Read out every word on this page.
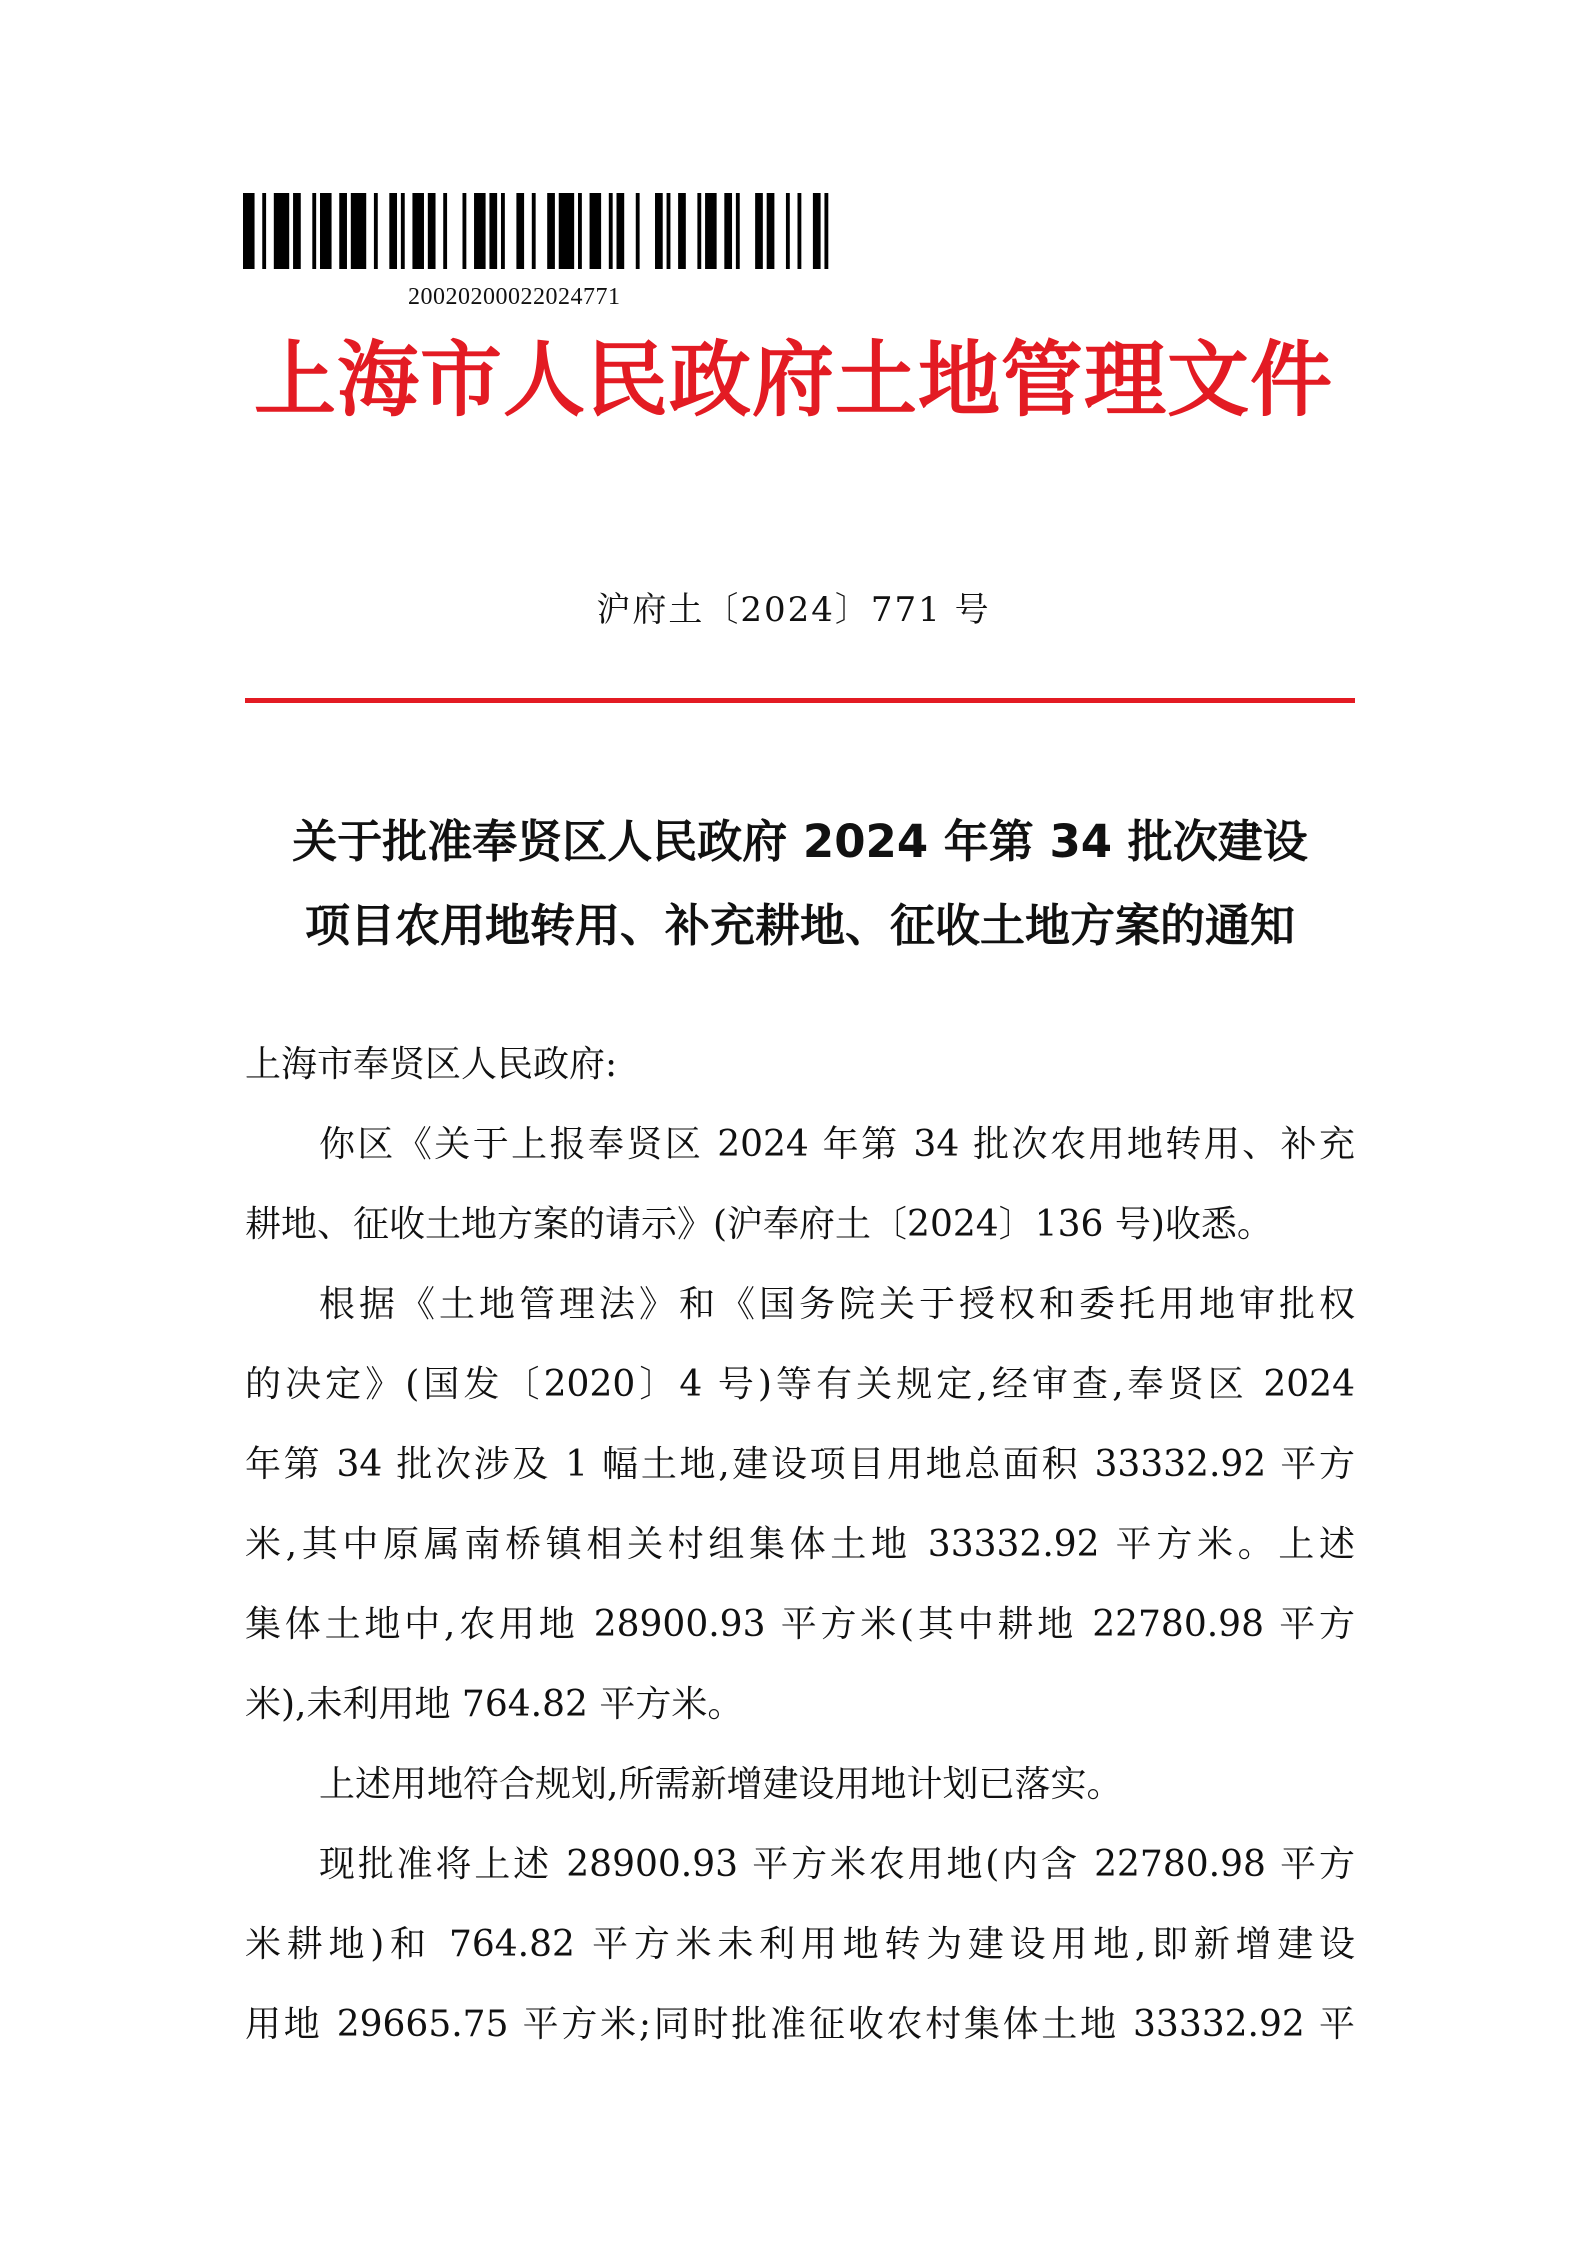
20020200022024771
上海市人民政府土地管理文件
沪府土〔2024〕771 号
关于批准奉贤区人民政府 2024 年第 34 批次建设
项目农用地转用、补充耕地、征收土地方案的通知

上海市奉贤区人民政府:

你区《关于上报奉贤区 2024 年第 34 批次农用地转用、补充
耕地、征收土地方案的请示》(沪奉府土〔2024〕136 号)收悉。

根据《土地管理法》和《国务院关于授权和委托用地审批权
的决定》(国发〔2020〕4 号)等有关规定,经审查,奉贤区 2024
年第 34 批次涉及 1 幅土地,建设项目用地总面积 33332.92 平方
米,其中原属南桥镇相关村组集体土地 33332.92 平方米。上述
集体土地中,农用地 28900.93 平方米(其中耕地 22780.98 平方
米),未利用地 764.82 平方米。

上述用地符合规划,所需新增建设用地计划已落实。

现批准将上述 28900.93 平方米农用地(内含 22780.98 平方
米耕地)和 764.82 平方米未利用地转为建设用地,即新增建设
用地 29665.75 平方米;同时批准征收农村集体土地 33332.92 平
